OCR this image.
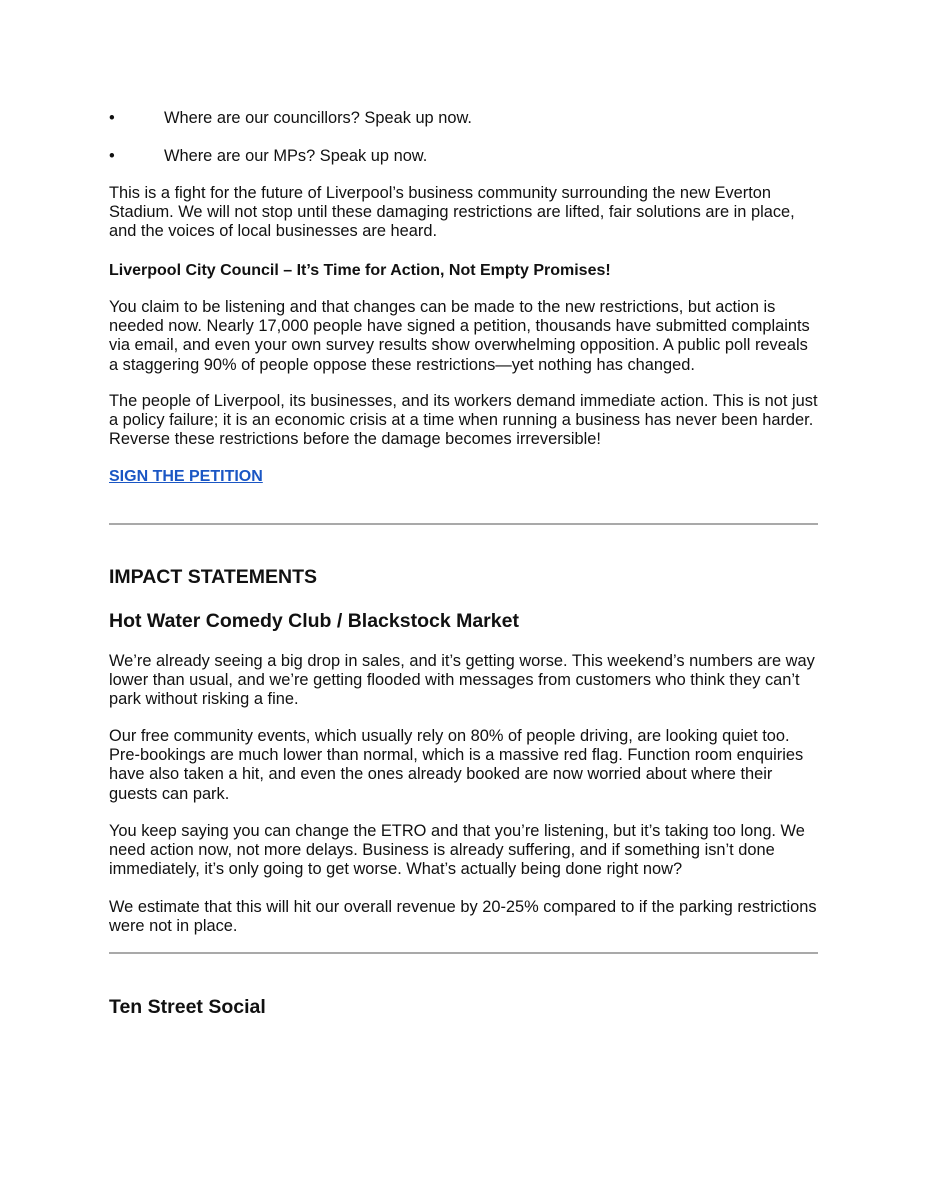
•	Where are our councillors? Speak up now.
•	Where are our MPs? Speak up now.

This is a fight for the future of Liverpool’s business community surrounding the new Everton Stadium. We will not stop until these damaging restrictions are lifted, fair solutions are in place, and the voices of local businesses are heard.

Liverpool City Council – It’s Time for Action, Not Empty Promises!

You claim to be listening and that changes can be made to the new restrictions, but action is needed now. Nearly 17,000 people have signed a petition, thousands have submitted complaints via email, and even your own survey results show overwhelming opposition. A public poll reveals a staggering 90% of people oppose these restrictions—yet nothing has changed.

The people of Liverpool, its businesses, and its workers demand immediate action. This is not just a policy failure; it is an economic crisis at a time when running a business has never been harder. Reverse these restrictions before the damage becomes irreversible!

SIGN THE PETITION
IMPACT STATEMENTS
Hot Water Comedy Club / Blackstock Market

We’re already seeing a big drop in sales, and it’s getting worse. This weekend’s numbers are way lower than usual, and we’re getting flooded with messages from customers who think they can’t park without risking a fine.

Our free community events, which usually rely on 80% of people driving, are looking quiet too. Pre-bookings are much lower than normal, which is a massive red flag. Function room enquiries have also taken a hit, and even the ones already booked are now worried about where their guests can park.

You keep saying you can change the ETRO and that you’re listening, but it’s taking too long. We need action now, not more delays. Business is already suffering, and if something isn’t done immediately, it’s only going to get worse. What’s actually being done right now?

We estimate that this will hit our overall revenue by 20-25% compared to if the parking restrictions were not in place.

Ten Street Social
